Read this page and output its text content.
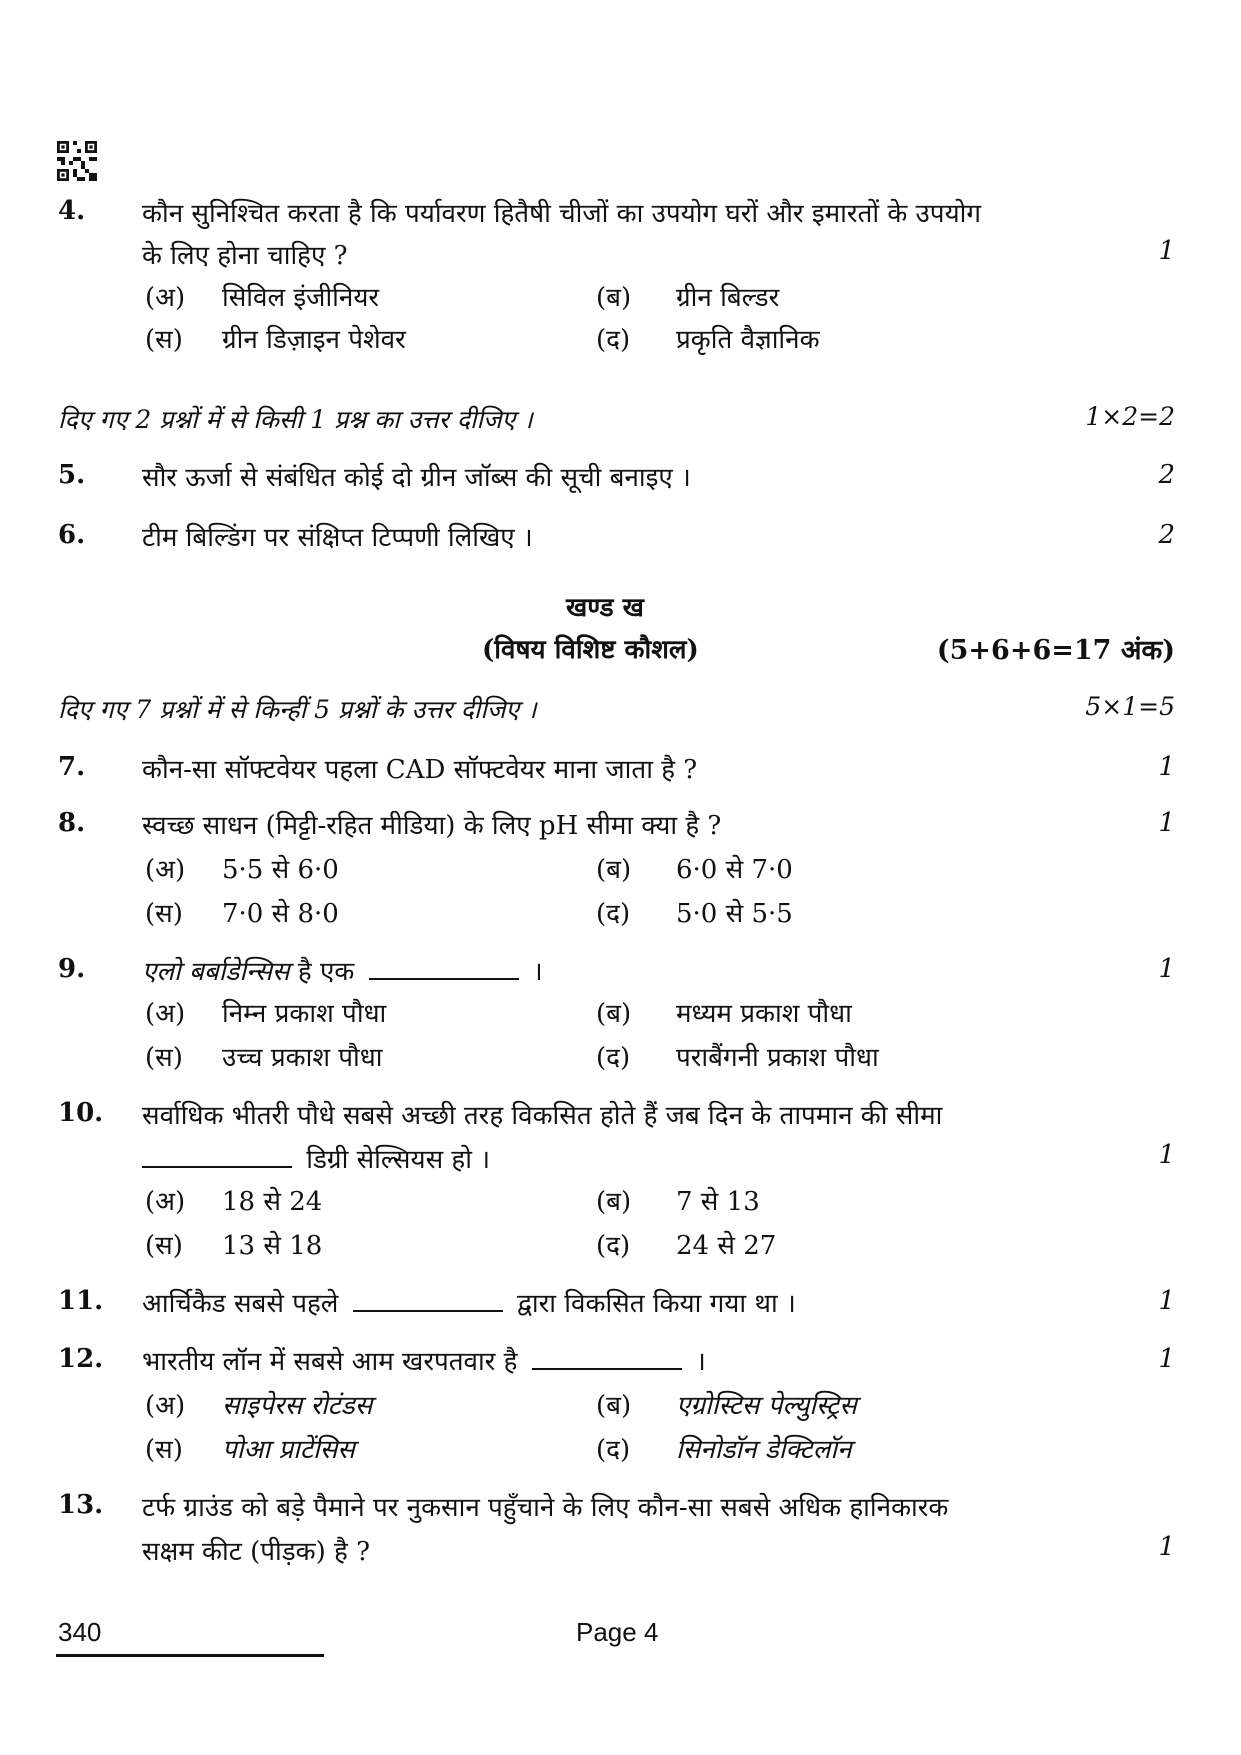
4. कौन सुनिश्चित करता है कि पर्यावरण हितैषी चीजों का उपयोग घरों और इमारतों के उपयोग
के लिए होना चाहिए ?	1
(अ) सिविल इंजीनियर	(ब) ग्रीन बिल्डर
(स) ग्रीन डिज़ाइन पेशेवर	(द) प्रकृति वैज्ञानिक
दिए गए 2 प्रश्नों में से किसी 1 प्रश्न का उत्तर दीजिए ।	1×2=2
5. सौर ऊर्जा से संबंधित कोई दो ग्रीन जॉब्स की सूची बनाइए ।	2
6. टीम बिल्डिंग पर संक्षिप्त टिप्पणी लिखिए ।	2
खण्ड ख
(विषय विशिष्ट कौशल)	(5+6+6=17 अंक)
दिए गए 7 प्रश्नों में से किन्हीं 5 प्रश्नों के उत्तर दीजिए ।	5×1=5
7. कौन-सा सॉफ्टवेयर पहला CAD सॉफ्टवेयर माना जाता है ?	1
8. स्वच्छ साधन (मिट्टी-रहित मीडिया) के लिए pH सीमा क्या है ?	1
(अ) 5·5 से 6·0	(ब) 6·0 से 7·0
(स) 7·0 से 8·0	(द) 5·0 से 5·5
9. एलो बर्बाडेन्सिस है एक	।	1
(अ) निम्न प्रकाश पौधा	(ब) मध्यम प्रकाश पौधा
(स) उच्च प्रकाश पौधा	(द) पराबैंगनी प्रकाश पौधा
10. सर्वाधिक भीतरी पौधे सबसे अच्छी तरह विकसित होते हैं जब दिन के तापमान की सीमा
डिग्री सेल्सियस हो ।	1
(अ) 18 से 24	(ब) 7 से 13
(स) 13 से 18	(द) 24 से 27
11. आर्चिकैड सबसे पहले	द्वारा विकसित किया गया था ।	1
12. भारतीय लॉन में सबसे आम खरपतवार है	।	1
(अ) साइपेरस रोटंडस	(ब) एग्रोस्टिस पेल्युस्ट्रिस
(स) पोआ प्राटेंसिस	(द) सिनोडॉन डेक्टिलॉन
13. टर्फ ग्राउंड को बड़े पैमाने पर नुकसान पहुँचाने के लिए कौन-सा सबसे अधिक हानिकारक
सक्षम कीट (पीड़क) है ?	1
340	Page 4
